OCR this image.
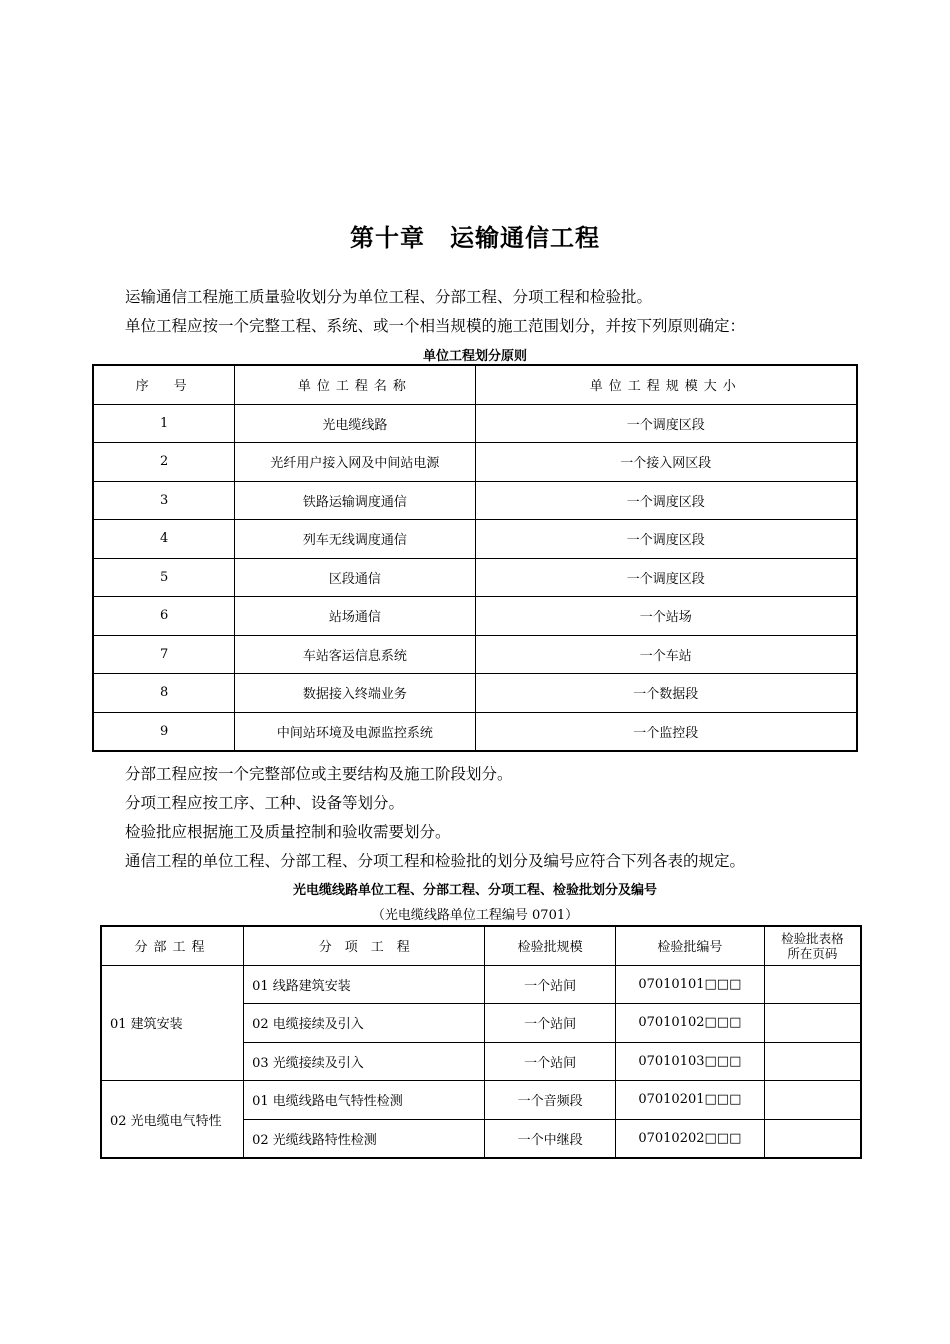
第十章　运输通信工程
运输通信工程施工质量验收划分为单位工程、分部工程、分项工程和检验批。
单位工程应按一个完整工程、系统、或一个相当规模的施工范围划分，并按下列原则确定：
单位工程划分原则
序　号	单位工程名称	单位工程规模大小
1	光电缆线路	一个调度区段
2	光纤用户接入网及中间站电源	一个接入网区段
3	铁路运输调度通信	一个调度区段
4	列车无线调度通信	一个调度区段
5	区段通信	一个调度区段
6	站场通信	一个站场
7	车站客运信息系统	一个车站
8	数据接入终端业务	一个数据段
9	中间站环境及电源监控系统	一个监控段
分部工程应按一个完整部位或主要结构及施工阶段划分。
分项工程应按工序、工种、设备等划分。
检验批应根据施工及质量控制和验收需要划分。
通信工程的单位工程、分部工程、分项工程和检验批的划分及编号应符合下列各表的规定。
光电缆线路单位工程、分部工程、分项工程、检验批划分及编号
（光电缆线路单位工程编号 0701）
分部工程	分　项　工　程	检验批规模	检验批编号	检验批表格
所在页码
01 建筑安装	01 线路建筑安装	一个站间	07010101□□□	
	02 电缆接续及引入	一个站间	07010102□□□	
	03 光缆接续及引入	一个站间	07010103□□□	
02 光电缆电气特性	01 电缆线路电气特性检测	一个音频段	07010201□□□	
	02 光缆线路特性检测	一个中继段	07010202□□□	
